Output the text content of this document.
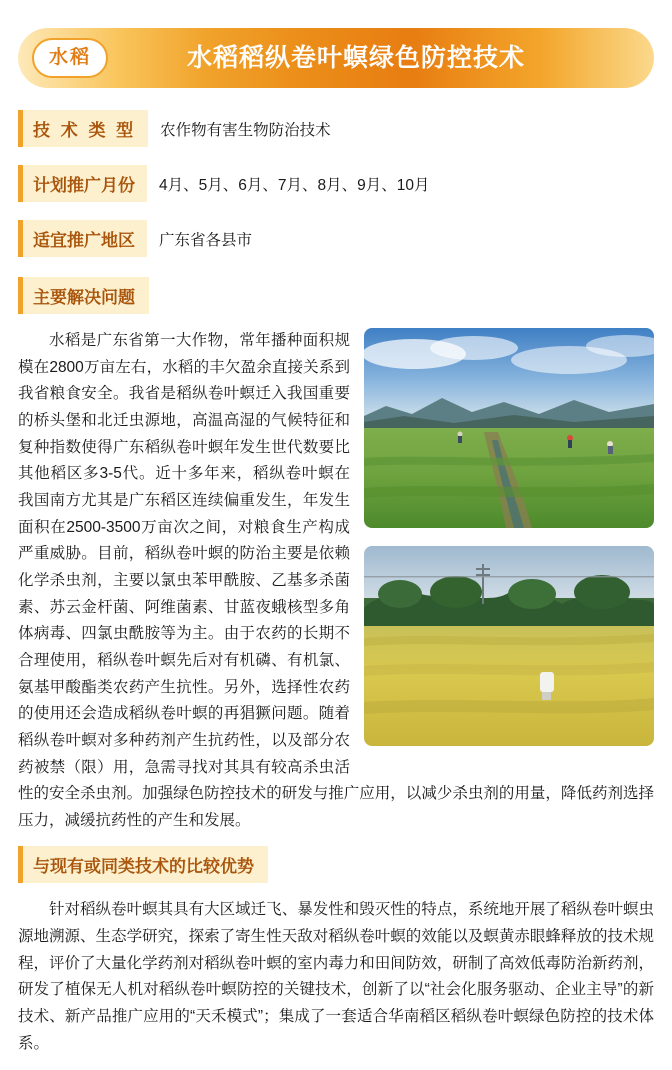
水稻稻纵卷叶螟绿色防控技术
水稻
技 术 类 型	农作物有害生物防治技术
计划推广月份	4月、5月、6月、7月、8月、9月、10月
适宜推广地区	广东省各县市
主要解决问题

水稻是广东省第一大作物，常年播种面积规模在2800万亩左右，水稻的丰欠盈余直接关系到我省粮食安全。我省是稻纵卷叶螟迁入我国重要的桥头堡和北迁虫源地，高温高湿的气候特征和复种指数使得广东稻纵卷叶螟年发生世代数要比其他稻区多3-5代。近十多年来，稻纵卷叶螟在我国南方尤其是广东稻区连续偏重发生，年发生面积在2500-3500万亩次之间，对粮食生产构成严重威胁。目前，稻纵卷叶螟的防治主要是依赖化学杀虫剂，主要以氯虫苯甲酰胺、乙基多杀菌素、苏云金杆菌、阿维菌素、甘蓝夜蛾核型多角体病毒、四氯虫酰胺等为主。由于农药的长期不合理使用，稻纵卷叶螟先后对有机磷、有机氯、氨基甲酸酯类农药产生抗性。另外，选择性农药的使用还会造成稻纵卷叶螟的再猖獗问题。随着稻纵卷叶螟对多种药剂产生抗药性，以及部分农药被禁（限）用，急需寻找对其具有较高杀虫活性的安全杀虫剂。加强绿色防控技术的研发与推广应用，以减少杀虫剂的用量，降低药剂选择压力，减缓抗药性的产生和发展。

与现有或同类技术的比较优势

针对稻纵卷叶螟其具有大区域迁飞、暴发性和毁灭性的特点，系统地开展了稻纵卷叶螟虫源地溯源、生态学研究，探索了寄生性天敌对稻纵卷叶螟的效能以及螟黄赤眼蜂释放的技术规程，评价了大量化学药剂对稻纵卷叶螟的室内毒力和田间防效，研制了高效低毒防治新药剂，研发了植保无人机对稻纵卷叶螟防控的关键技术，创新了以“社会化服务驱动、企业主导”的新技术、新产品推广应用的“天禾模式”；集成了一套适合华南稻区稻纵卷叶螟绿色防控的技术体系。
